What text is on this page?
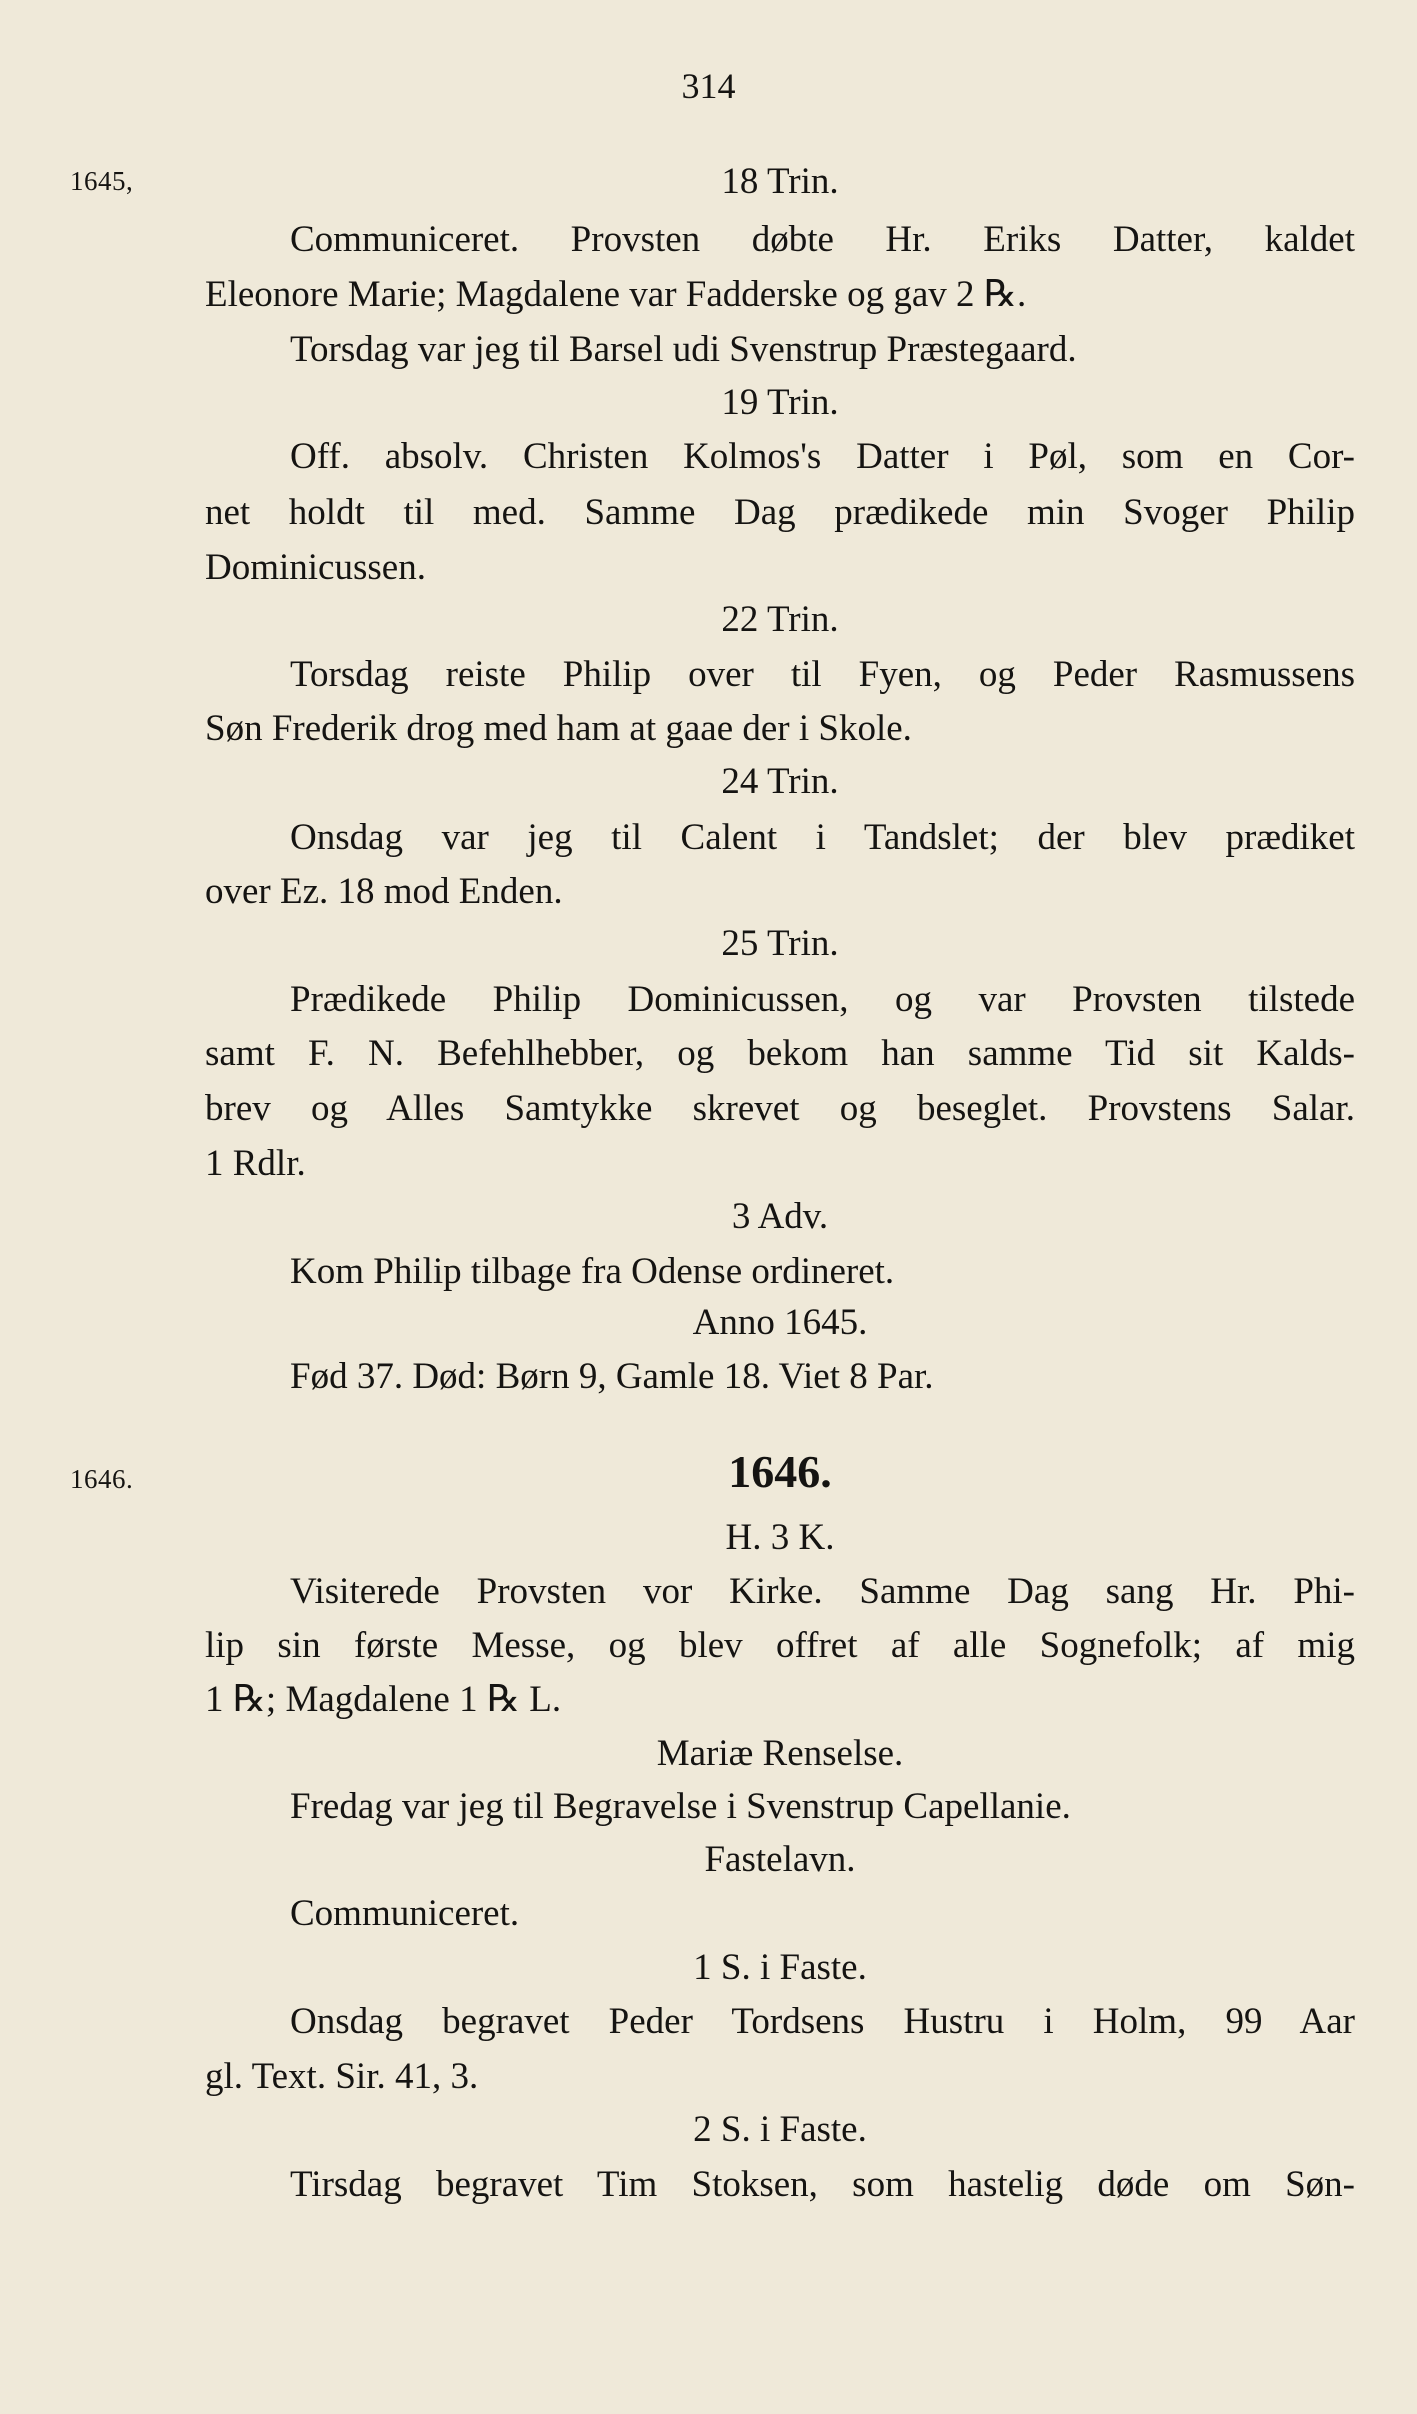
314
1645,
1646.
18 Trin.
Communiceret. Provsten døbte Hr. Eriks Datter, kaldet
Eleonore Marie; Magdalene var Fadderske og gav 2 ℞.
Torsdag var jeg til Barsel udi Svenstrup Præstegaard.
19 Trin.
Off. absolv. Christen Kolmos's Datter i Pøl, som en Cor-
net holdt til med. Samme Dag prædikede min Svoger Philip
Dominicussen.
22 Trin.
Torsdag reiste Philip over til Fyen, og Peder Rasmussens
Søn Frederik drog med ham at gaae der i Skole.
24 Trin.
Onsdag var jeg til Calent i Tandslet; der blev prædiket
over Ez. 18 mod Enden.
25 Trin.
Prædikede Philip Dominicussen, og var Provsten tilstede
samt F. N. Befehlhebber, og bekom han samme Tid sit Kalds-
brev og Alles Samtykke skrevet og beseglet. Provstens Salar.
1 Rdlr.
3 Adv.
Kom Philip tilbage fra Odense ordineret.
Anno 1645.
Fød 37. Død: Børn 9, Gamle 18. Viet 8 Par.
1646.
H. 3 K.
Visiterede Provsten vor Kirke. Samme Dag sang Hr. Phi-
lip sin første Messe, og blev offret af alle Sognefolk; af mig
1 ℞; Magdalene 1 ℞ L.
Mariæ Renselse.
Fredag var jeg til Begravelse i Svenstrup Capellanie.
Fastelavn.
Communiceret.
1 S. i Faste.
Onsdag begravet Peder Tordsens Hustru i Holm, 99 Aar
gl. Text. Sir. 41, 3.
2 S. i Faste.
Tirsdag begravet Tim Stoksen, som hastelig døde om Søn-
